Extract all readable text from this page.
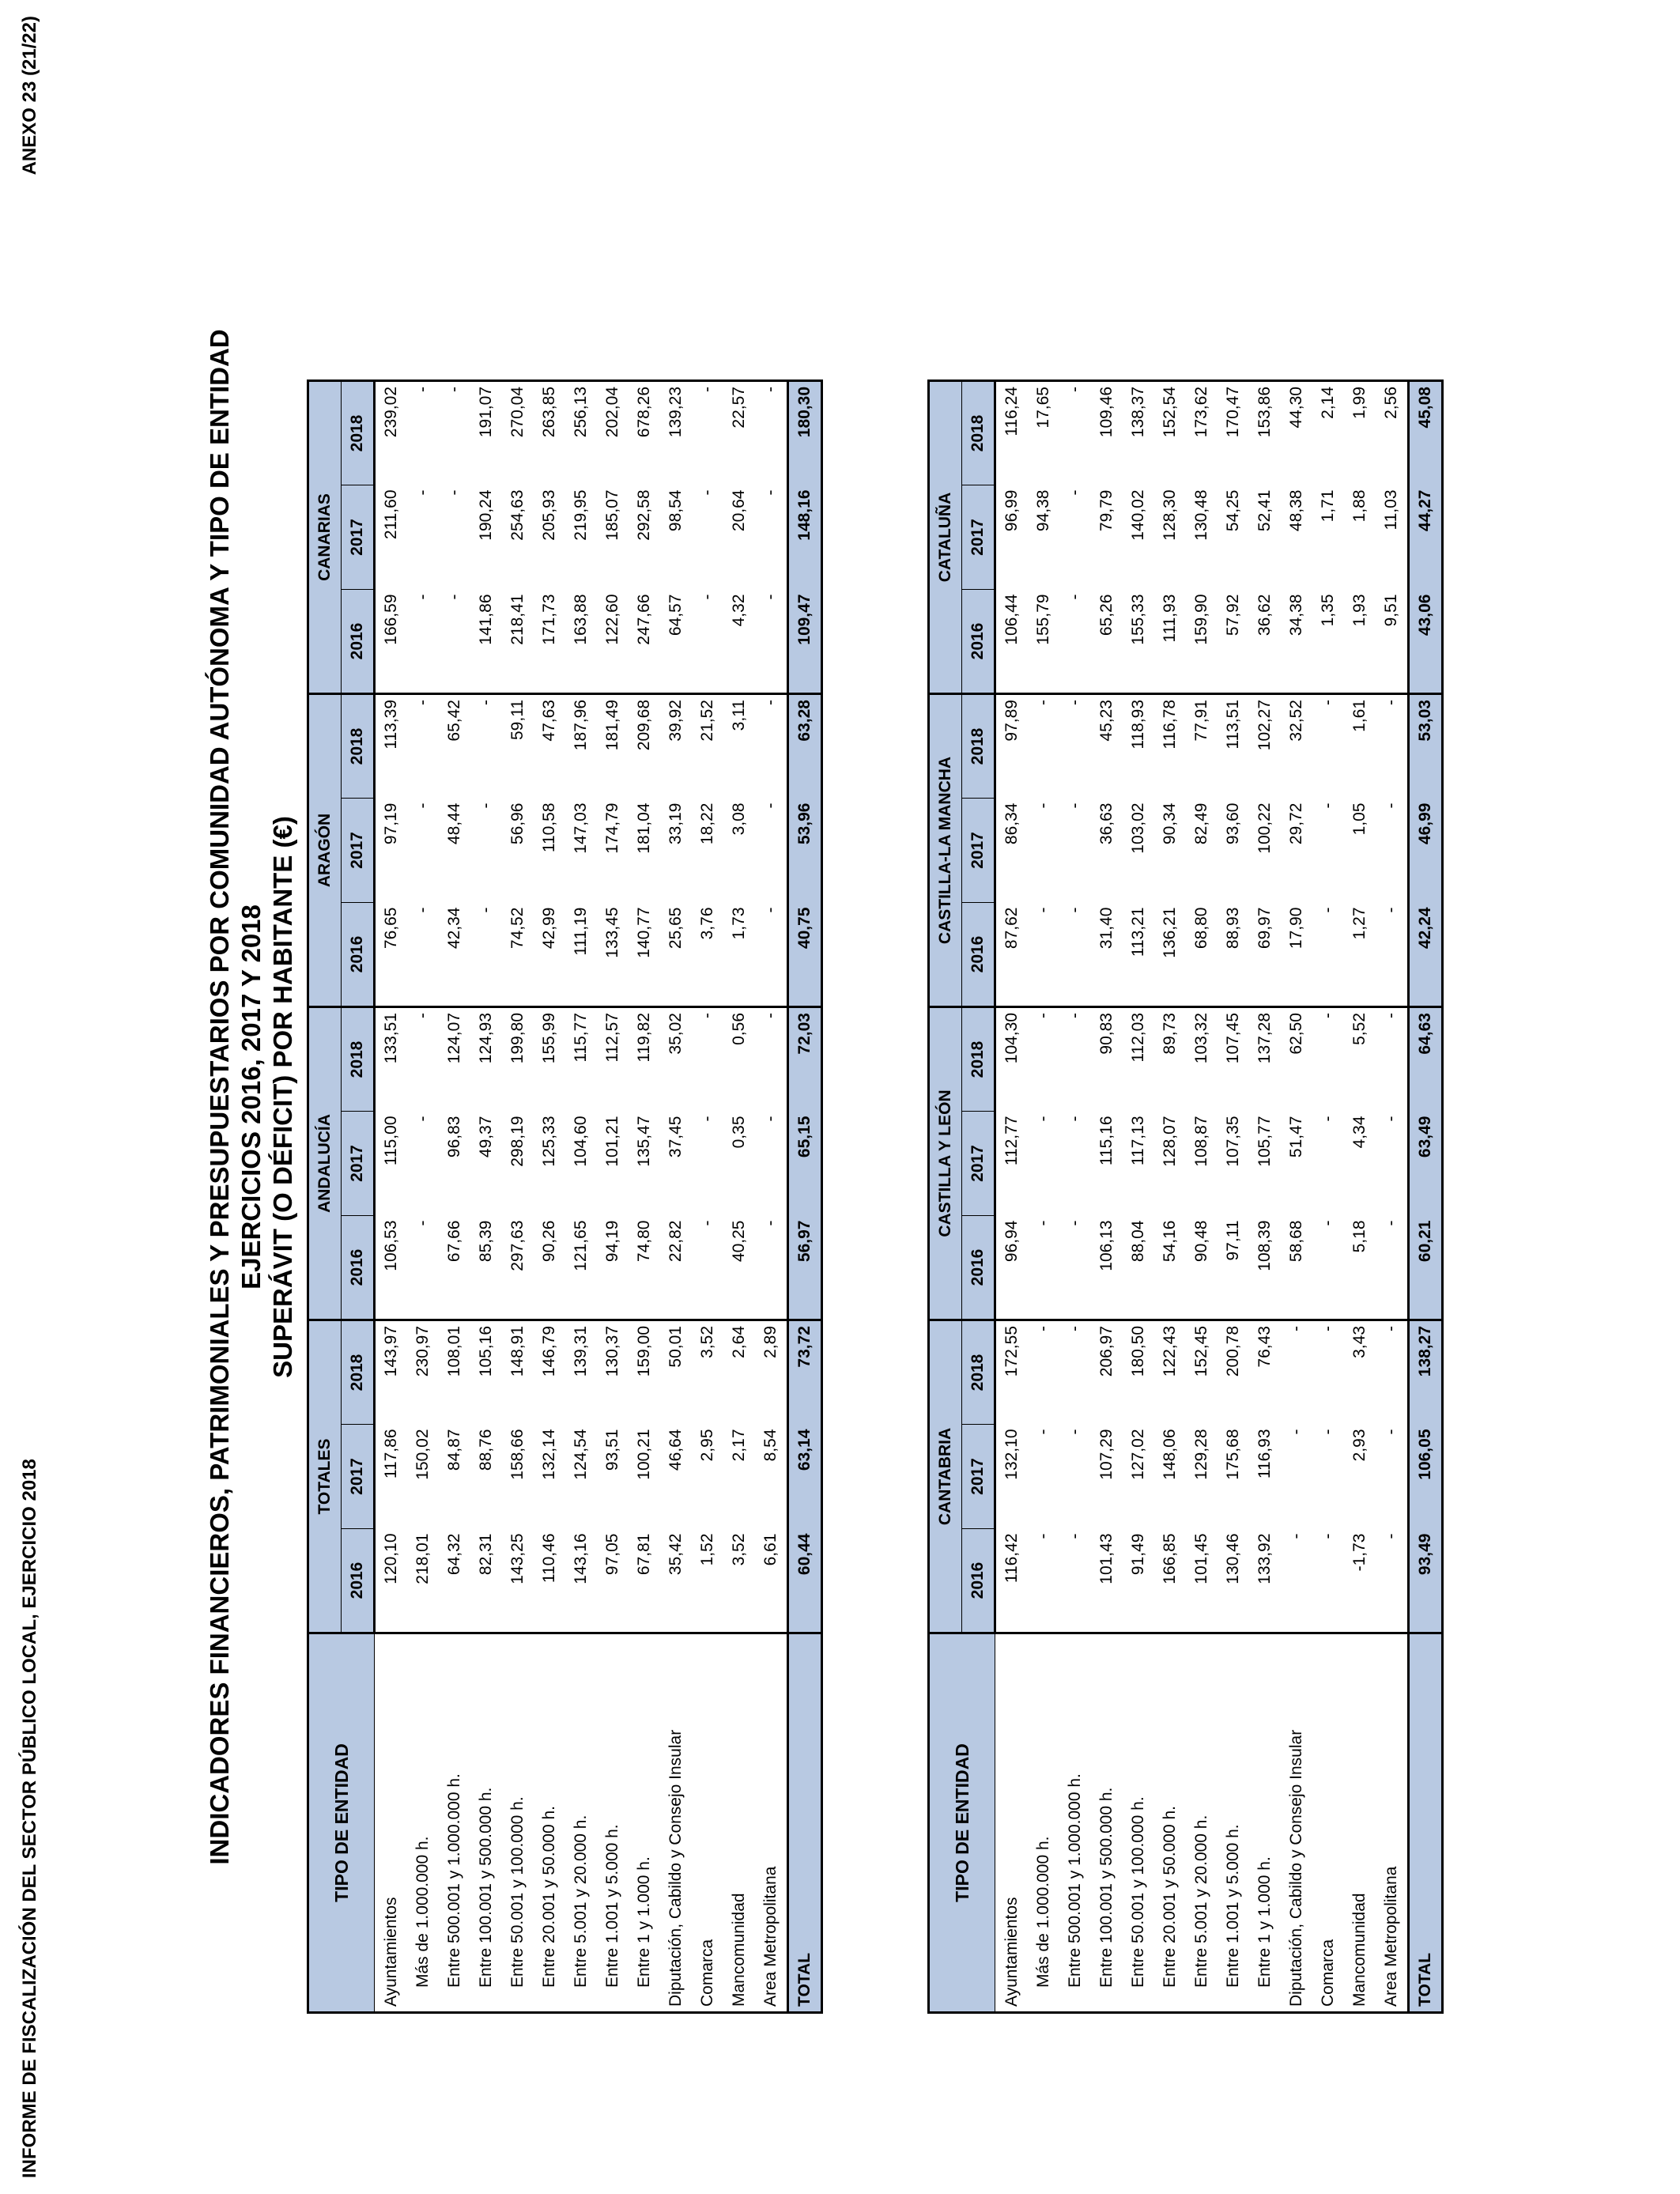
INFORME DE FISCALIZACIÓN DEL SECTOR PÚBLICO LOCAL, EJERCICIO 2018
ANEXO 23 (21/22)
INDICADORES FINANCIEROS, PATRIMONIALES Y PRESUPUESTARIOS POR COMUNIDAD AUTÓNOMA Y TIPO DE ENTIDAD EJERCICIOS 2016, 2017 Y 2018 SUPERÁVIT (O DÉFICIT) POR HABITANTE (€)
TIPO DE ENTIDAD	TOTALES			ANDALUCÍA			ARAGÓN			CANARIAS		
	2016	2017	2018	2016	2017	2018	2016	2017	2018	2016	2017	2018
Ayuntamientos	120,10	117,86	143,97	106,53	115,00	133,51	76,65	97,19	113,39	166,59	211,60	239,02
Más de 1.000.000 h.	218,01	150,02	230,97	-	-	-	-	-	-	-	-	-
Entre 500.001 y 1.000.000 h.	64,32	84,87	108,01	67,66	96,83	124,07	42,34	48,44	65,42	-	-	-
Entre 100.001 y 500.000 h.	82,31	88,76	105,16	85,39	49,37	124,93	-	-	-	141,86	190,24	191,07
Entre 50.001 y 100.000 h.	143,25	158,66	148,91	297,63	298,19	199,80	74,52	56,96	59,11	218,41	254,63	270,04
Entre 20.001 y 50.000 h.	110,46	132,14	146,79	90,26	125,33	155,99	42,99	110,58	47,63	171,73	205,93	263,85
Entre 5.001 y 20.000 h.	143,16	124,54	139,31	121,65	104,60	115,77	111,19	147,03	187,96	163,88	219,95	256,13
Entre 1.001 y 5.000 h.	97,05	93,51	130,37	94,19	101,21	112,57	133,45	174,79	181,49	122,60	185,07	202,04
Entre 1 y 1.000 h.	67,81	100,21	159,00	74,80	135,47	119,82	140,77	181,04	209,68	247,66	292,58	678,26
Diputación, Cabildo y Consejo Insular	35,42	46,64	50,01	22,82	37,45	35,02	25,65	33,19	39,92	64,57	98,54	139,23
Comarca	1,52	2,95	3,52	-	-	-	3,76	18,22	21,52	-	-	-
Mancomunidad	3,52	2,17	2,64	40,25	0,35	0,56	1,73	3,08	3,11	4,32	20,64	22,57
Area Metropolitana	6,61	8,54	2,89	-	-	-	-	-	-	-	-	-
TOTAL	60,44	63,14	73,72	56,97	65,15	72,03	40,75	53,96	63,28	109,47	148,16	180,30
TIPO DE ENTIDAD	CANTABRIA			CASTILLA Y LEÓN			CASTILLA-LA MANCHA			CATALUÑA		
	2016	2017	2018	2016	2017	2018	2016	2017	2018	2016	2017	2018
Ayuntamientos	116,42	132,10	172,55	96,94	112,77	104,30	87,62	86,34	97,89	106,44	96,99	116,24
Más de 1.000.000 h.	-	-	-	-	-	-	-	-	-	155,79	94,38	17,65
Entre 500.001 y 1.000.000 h.	-	-	-	-	-	-	-	-	-	-	-	-
Entre 100.001 y 500.000 h.	101,43	107,29	206,97	106,13	115,16	90,83	31,40	36,63	45,23	65,26	79,79	109,46
Entre 50.001 y 100.000 h.	91,49	127,02	180,50	88,04	117,13	112,03	113,21	103,02	118,93	155,33	140,02	138,37
Entre 20.001 y 50.000 h.	166,85	148,06	122,43	54,16	128,07	89,73	136,21	90,34	116,78	111,93	128,30	152,54
Entre 5.001 y 20.000 h.	101,45	129,28	152,45	90,48	108,87	103,32	68,80	82,49	77,91	159,90	130,48	173,62
Entre 1.001 y 5.000 h.	130,46	175,68	200,78	97,11	107,35	107,45	88,93	93,60	113,51	57,92	54,25	170,47
Entre 1 y 1.000 h.	133,92	116,93	76,43	108,39	105,77	137,28	69,97	100,22	102,27	36,62	52,41	153,86
Diputación, Cabildo y Consejo Insular	-	-	-	58,68	51,47	62,50	17,90	29,72	32,52	34,38	48,38	44,30
Comarca	-	-	-	-	-	-	-	-	-	1,35	1,71	2,14
Mancomunidad	-1,73	2,93	3,43	5,18	4,34	5,52	1,27	1,05	1,61	1,93	1,88	1,99
Area Metropolitana	-	-	-	-	-	-	-	-	-	9,51	11,03	2,56
TOTAL	93,49	106,05	138,27	60,21	63,49	64,63	42,24	46,99	53,03	43,06	44,27	45,08
